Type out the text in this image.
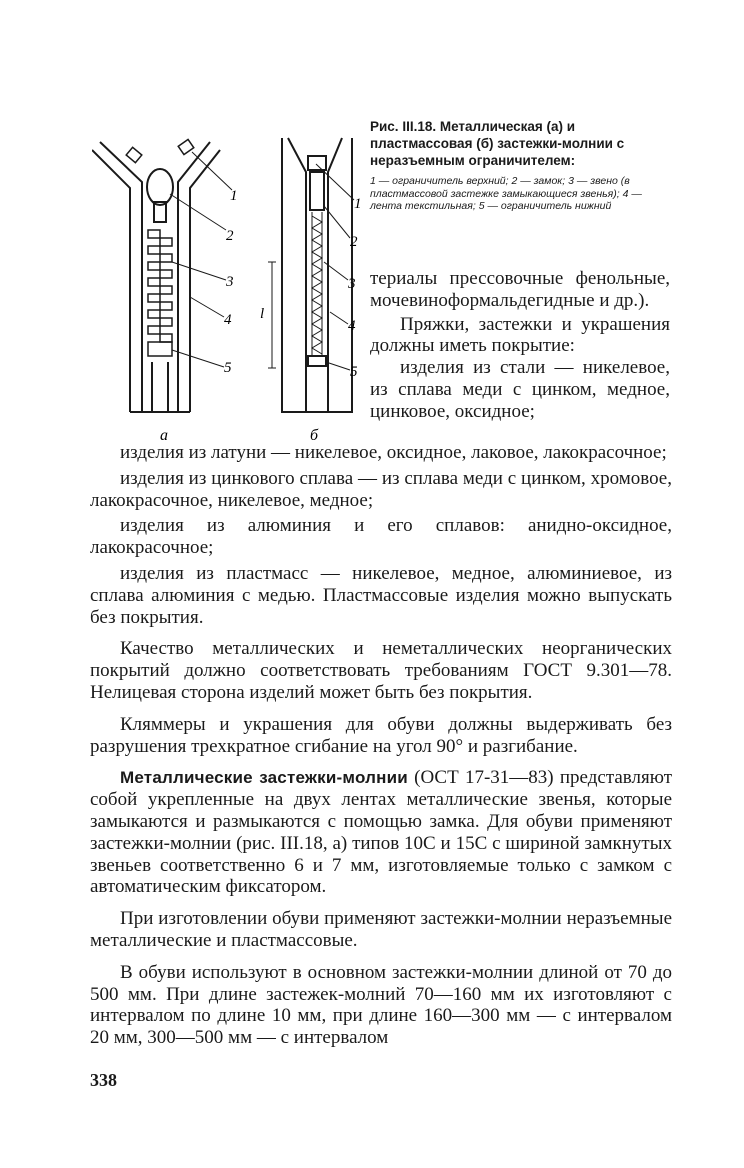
1
2
3
4
5
а
1
2
3
4
5
l
б

Рис. III.18. Металлическая (а) и пластмассовая (б) застежки-молнии с неразъемным ограничителем:

1 — ограничитель верхний; 2 — замок; 3 — звено (в пластмассовой застежке замыкающиеся звенья); 4 — лента текстильная; 5 — ограничитель нижний

териалы прессовочные фенольные, мочевиноформальдегидные и др.).

Пряжки, застежки и украшения должны иметь покрытие:

изделия из стали — никелевое, из сплава меди с цинком, медное, цинковое, оксидное;

изделия из латуни — никелевое, оксидное, лаковое, лакокрасочное;

изделия из цинкового сплава — из сплава меди с цинком, хромовое, лакокрасочное, никелевое, медное;

изделия из алюминия и его сплавов: анидно-оксидное, лакокрасочное;

изделия из пластмасс — никелевое, медное, алюминиевое, из сплава алюминия с медью. Пластмассовые изделия можно выпускать без покрытия.

Качество металлических и неметаллических неорганических покрытий должно соответствовать требованиям ГОСТ 9.301—78. Нелицевая сторона изделий может быть без покрытия.

Кляммеры и украшения для обуви должны выдерживать без разрушения трехкратное сгибание на угол 90° и разгибание.

Металлические застежки-молнии (ОСТ 17-31—83) представляют собой укрепленные на двух лентах металлические звенья, которые замыкаются и размыкаются с помощью замка. Для обуви применяют застежки-молнии (рис. III.18, а) типов 10С и 15С с шириной замкнутых звеньев соответственно 6 и 7 мм, изготовляемые только с замком с автоматическим фиксатором.

При изготовлении обуви применяют застежки-молнии неразъемные металлические и пластмассовые.

В обуви используют в основном застежки-молнии длиной от 70 до 500 мм. При длине застежек-молний 70—160 мм их изготовляют с интервалом по длине 10 мм, при длине 160—300 мм — с интервалом 20 мм, 300—500 мм — с интервалом

338
